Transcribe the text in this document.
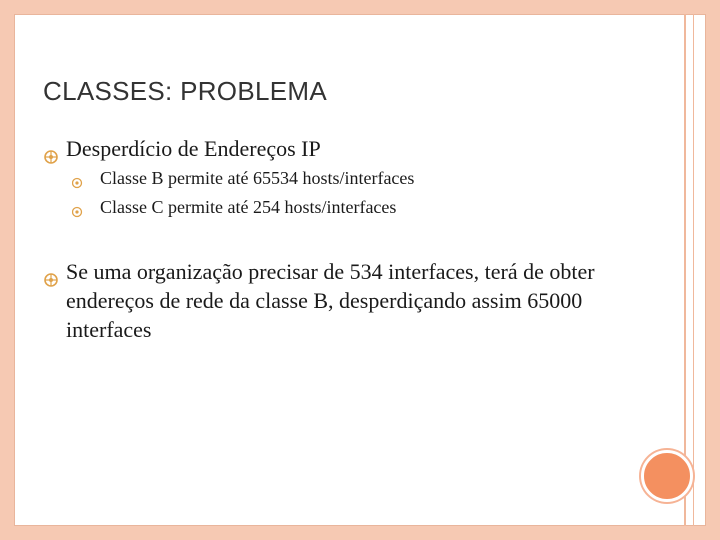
CLASSES: PROBLEMA
Desperdício de Endereços IP
Classe B permite até 65534 hosts/interfaces
Classe C permite até 254 hosts/interfaces
Se uma organização precisar de 534 interfaces, terá de obter endereços de rede da classe B, desperdiçando assim 65000 interfaces
